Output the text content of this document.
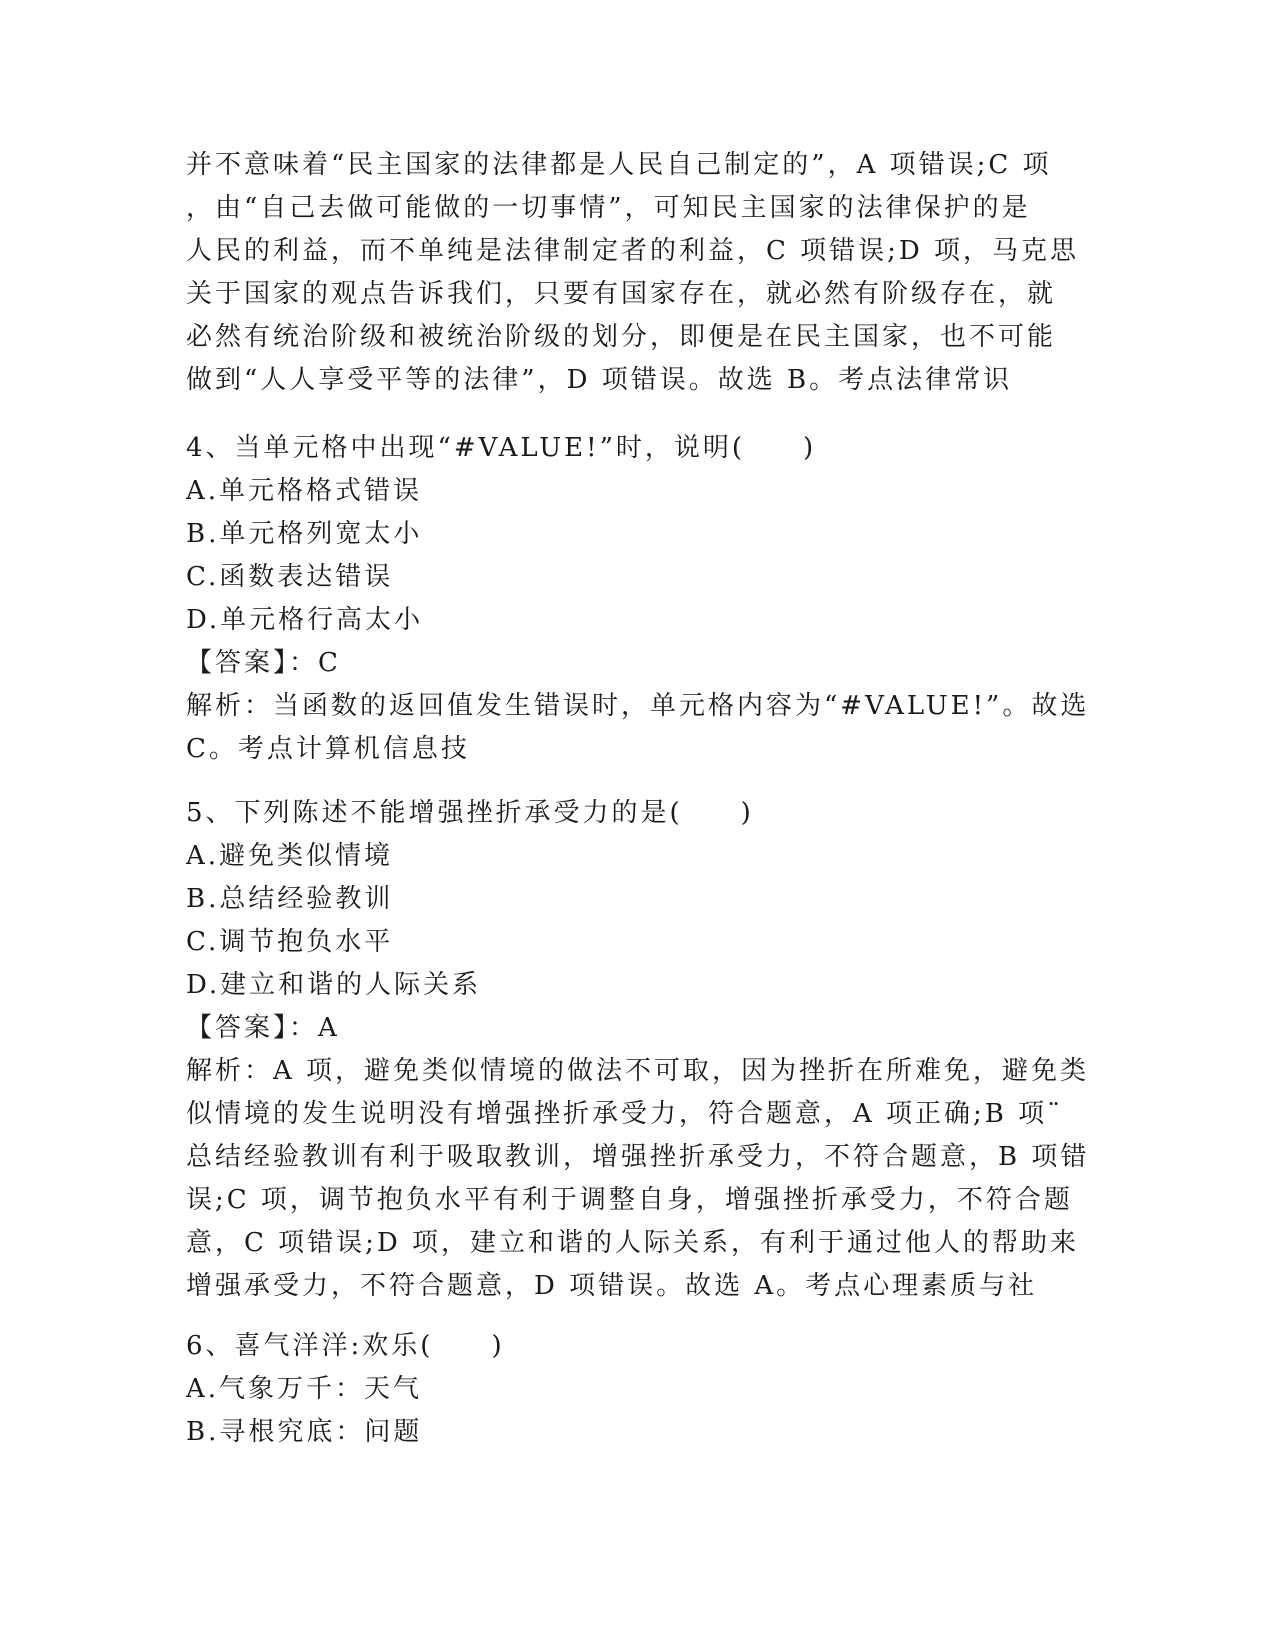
并不意味着“民主国家的法律都是人民自己制定的”，A 项错误;C 项
，由“自己去做可能做的一切事情”，可知民主国家的法律保护的是
人民的利益，而不单纯是法律制定者的利益，C 项错误;D 项，马克思
关于国家的观点告诉我们，只要有国家存在，就必然有阶级存在，就
必然有统治阶级和被统治阶级的划分，即便是在民主国家，也不可能
做到“人人享受平等的法律”，D 项错误。故选 B。考点法律常识
4、当单元格中出现“#VALUE!”时，说明(　　)
A.单元格格式错误
B.单元格列宽太小
C.函数表达错误
D.单元格行高太小
【答案】：C
解析：当函数的返回值发生错误时，单元格内容为“#VALUE!”。故选
C。考点计算机信息技
5、下列陈述不能增强挫折承受力的是(　　)
A.避免类似情境
B.总结经验教训
C.调节抱负水平
D.建立和谐的人际关系
【答案】：A
解析：A 项，避免类似情境的做法不可取，因为挫折在所难免，避免类
似情境的发生说明没有增强挫折承受力，符合题意，A 项正确;B 项¨
总结经验教训有利于吸取教训，增强挫折承受力，不符合题意，B 项错
误;C 项，调节抱负水平有利于调整自身，增强挫折承受力，不符合题
意，C 项错误;D 项，建立和谐的人际关系，有利于通过他人的帮助来
增强承受力，不符合题意，D 项错误。故选 A。考点心理素质与社
6、喜气洋洋:欢乐(　　)
A.气象万千：天气
B.寻根究底：问题
